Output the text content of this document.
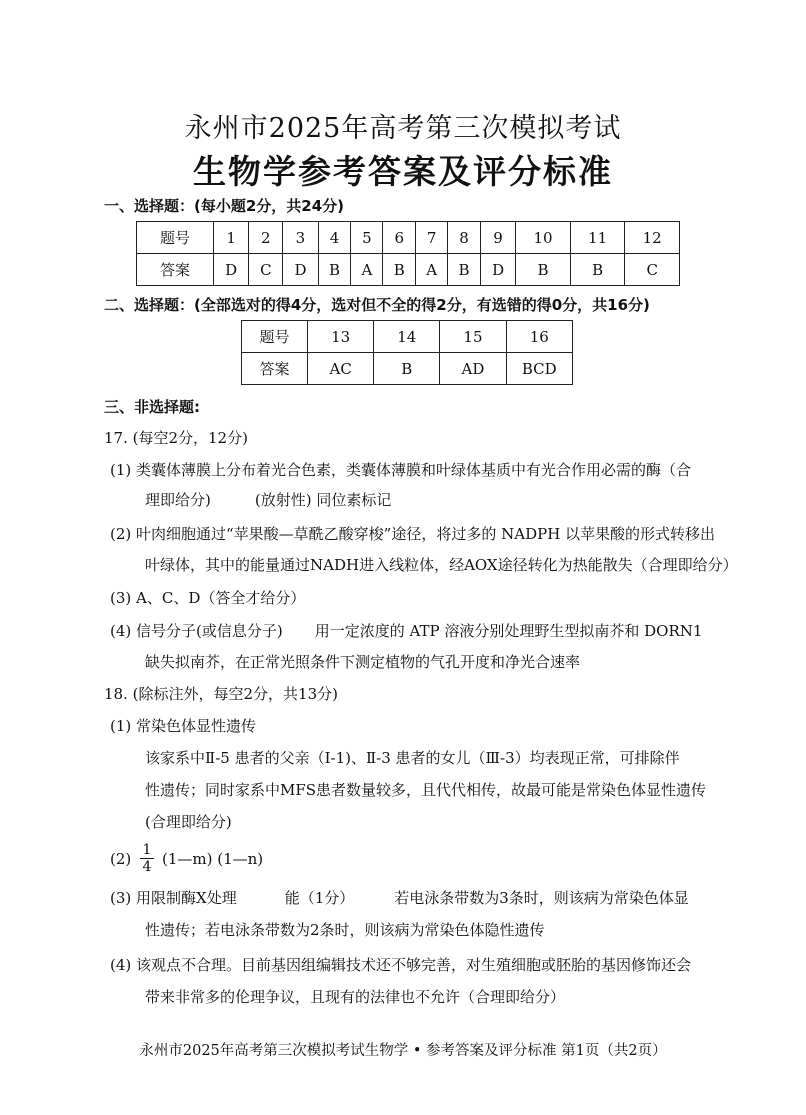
永州市2025年高考第三次模拟考试
生物学参考答案及评分标准
一、选择题：(每小题2分，共24分)
题号	1	2	3	4	5	6	7	8	9	10	11	12
答案	D	C	D	B	A	B	A	B	D	B	B	C
二、选择题：(全部选对的得4分，选对但不全的得2分，有选错的得0分，共16分)
题号	13	14	15	16
答案	AC	B	AD	BCD
三、非选择题:
17. (每空2分，12分)
(1) 类囊体薄膜上分布着光合色素，类囊体薄膜和叶绿体基质中有光合作用必需的酶（合
理即给分)	(放射性) 同位素标记
(2) 叶肉细胞通过“苹果酸—草酰乙酸穿梭”途径，将过多的 NADPH 以苹果酸的形式转移出
叶绿体，其中的能量通过NADH进入线粒体，经AOX途径转化为热能散失（合理即给分）
(3) A、C、D（答全才给分）
(4) 信号分子(或信息分子) 用一定浓度的 ATP 溶液分别处理野生型拟南芥和 DORN1
缺失拟南芥，在正常光照条件下测定植物的气孔开度和净光合速率
18. (除标注外，每空2分，共13分)
(1) 常染色体显性遗传
该家系中Ⅱ-5 患者的父亲（Ⅰ-1)、Ⅱ-3 患者的女儿（Ⅲ-3）均表现正常，可排除伴
性遗传；同时家系中MFS患者数量较多，且代代相传，故最可能是常染色体显性遗传
(合理即给分)
$(2) \frac{1}{4}$ (1—m) (1—n)
(3) 用限制酶X处理	能（1分）	若电泳条带数为3条时，则该病为常染色体显
性遗传；若电泳条带数为2条时，则该病为常染色体隐性遗传
(4) 该观点不合理。目前基因组编辑技术还不够完善，对生殖细胞或胚胎的基因修饰还会
带来非常多的伦理争议，且现有的法律也不允许（合理即给分）
永州市2025年高考第三次模拟考试生物学 • 参考答案及评分标准 第1页（共2页）
